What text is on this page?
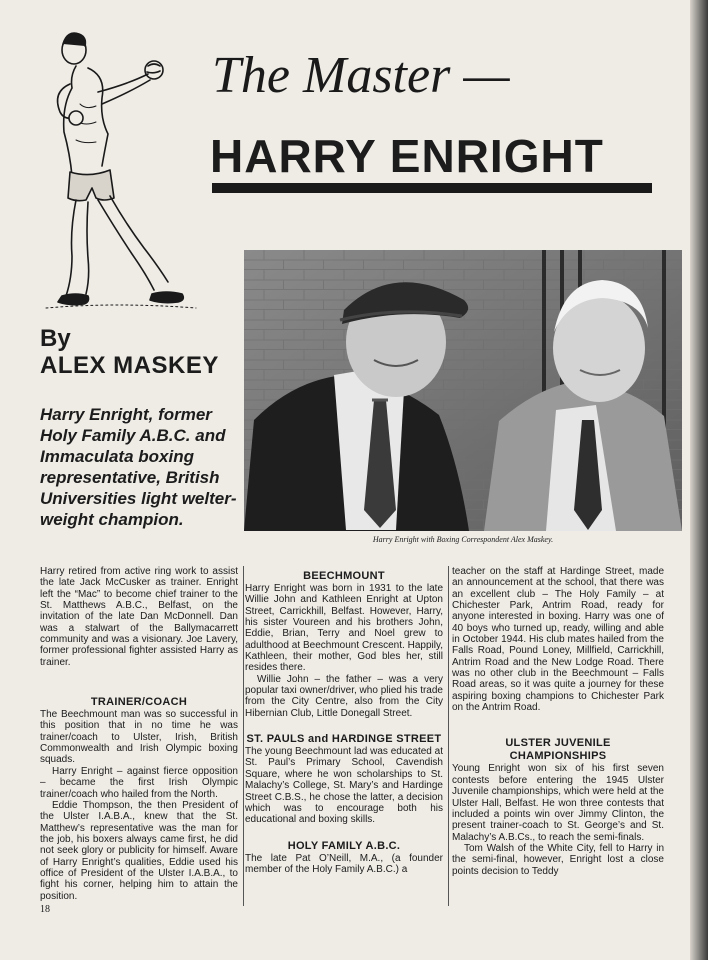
The Master —
HARRY ENRIGHT
By
ALEX MASKEY
Harry Enright, former Holy Family A.B.C. and Immaculata boxing representative, British Universities light welter-weight champion.
Harry Enright with Boxing Correspondent Alex Maskey.

Harry retired from active ring work to assist the late Jack McCusker as trainer. Enright left the “Mac” to become chief trainer to the St. Matthews A.B.C., Belfast, on the invitation of the late Dan McDonnell. Dan was a stalwart of the Ballymacarrett community and was a visionary. Joe Lavery, former professional fighter assisted Harry as trainer.

TRAINER/COACH

The Beechmount man was so successful in this position that in no time he was trainer/coach to Ulster, Irish, British Commonwealth and Irish Olympic boxing squads.

Harry Enright – against fierce opposition – became the first Irish Olympic trainer/coach who hailed from the North.

Eddie Thompson, the then President of the Ulster I.A.B.A., knew that the St. Matthew’s representative was the man for the job, his boxers always came first, he did not seek glory or publicity for himself. Aware of Harry Enright’s qualities, Eddie used his office of President of the Ulster I.A.B.A., to fight his corner, helping him to attain the position.

BEECHMOUNT

Harry Enright was born in 1931 to the late Willie John and Kathleen Enright at Upton Street, Carrickhill, Belfast. However, Harry, his sister Voureen and his brothers John, Eddie, Brian, Terry and Noel grew to adulthood at Beechmount Crescent. Happily, Kathleen, their mother, God bles her, still resides there.

Willie John – the father – was a very popular taxi owner/driver, who plied his trade from the City Centre, also from the City Hibernian Club, Little Donegall Street.

ST. PAULS and HARDINGE STREET

The young Beechmount lad was educated at St. Paul’s Primary School, Cavendish Square, where he won scholarships to St. Malachy’s College, St. Mary’s and Hardinge Street C.B.S., he chose the latter, a decision which was to encourage both his educational and boxing skills.

HOLY FAMILY A.B.C.

The late Pat O’Neill, M.A., (a founder member of the Holy Family A.B.C.) a

teacher on the staff at Hardinge Street, made an announcement at the school, that there was an excellent club – The Holy Family – at Chichester Park, Antrim Road, ready for anyone interested in boxing. Harry was one of 40 boys who turned up, ready, willing and able in October 1944. His club mates hailed from the Falls Road, Pound Loney, Millfield, Carrickhill, Antrim Road and the New Lodge Road. There was no other club in the Beechmount – Falls Road areas, so it was quite a journey for these aspiring boxing champions to Chichester Park on the Antrim Road.

ULSTER JUVENILE
CHAMPIONSHIPS

Young Enright won six of his first seven contests before entering the 1945 Ulster Juvenile championships, which were held at the Ulster Hall, Belfast. He won three contests that included a points win over Jimmy Clinton, the present trainer-coach to St. George’s and St. Malachy’s A.B.Cs., to reach the semi-finals.

Tom Walsh of the White City, fell to Harry in the semi-final, however, Enright lost a close points decision to Teddy

18
